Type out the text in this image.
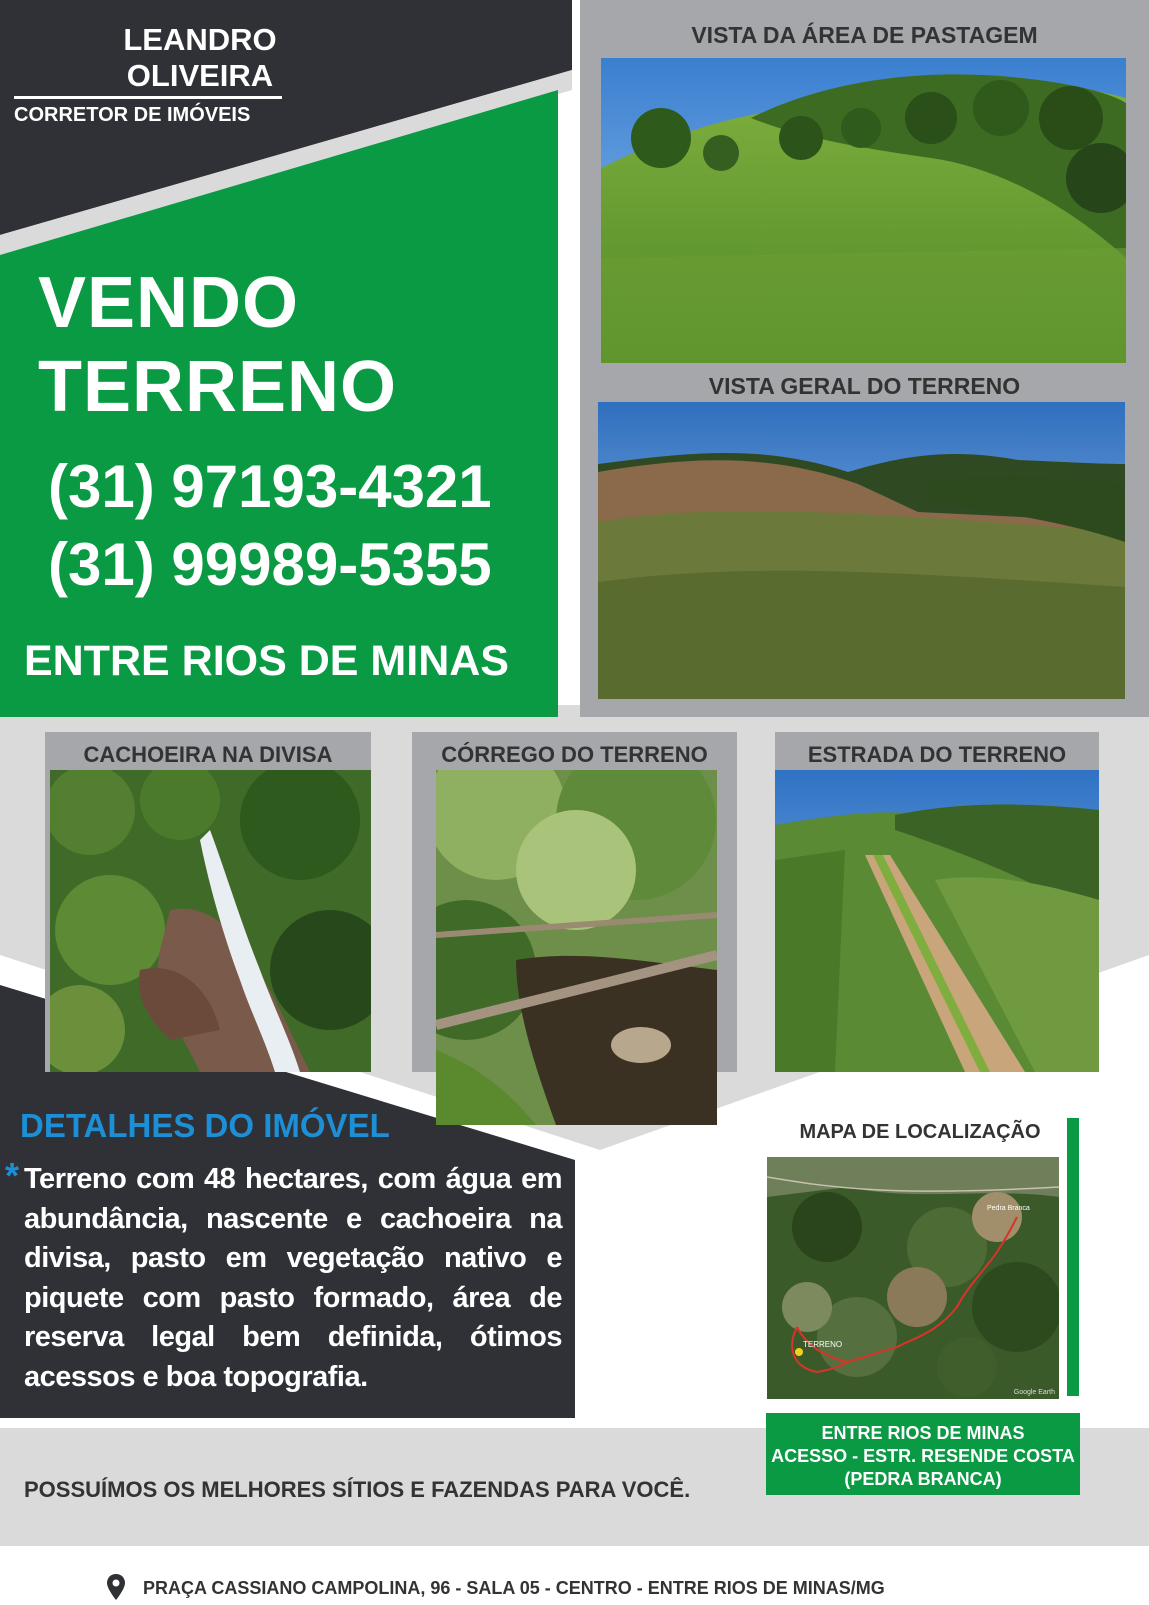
LEANDRO
OLIVEIRA
CORRETOR DE IMÓVEIS
VENDO
TERRENO
(31) 97193-4321
(31) 99989-5355
ENTRE RIOS DE MINAS
VISTA DA ÁREA DE PASTAGEM
VISTA GERAL DO TERRENO
CACHOEIRA NA DIVISA	CÓRREGO DO TERRENO	ESTRADA DO TERRENO
DETALHES DO IMÓVEL
* Terreno com 48 hectares, com água em abundância, nascente e cachoeira na divisa, pasto em vegetação nativo e piquete com pasto formado, área de reserva legal bem definida, ótimos acessos e boa topografia.
MAPA DE LOCALIZAÇÃO
TERRENO
Pedra Branca
Google Earth
ENTRE RIOS DE MINAS
ACESSO - ESTR. RESENDE COSTA
(PEDRA BRANCA)
POSSUÍMOS OS MELHORES SÍTIOS E FAZENDAS PARA VOCÊ.
PRAÇA CASSIANO CAMPOLINA, 96 - SALA 05 - CENTRO - ENTRE RIOS DE MINAS/MG
